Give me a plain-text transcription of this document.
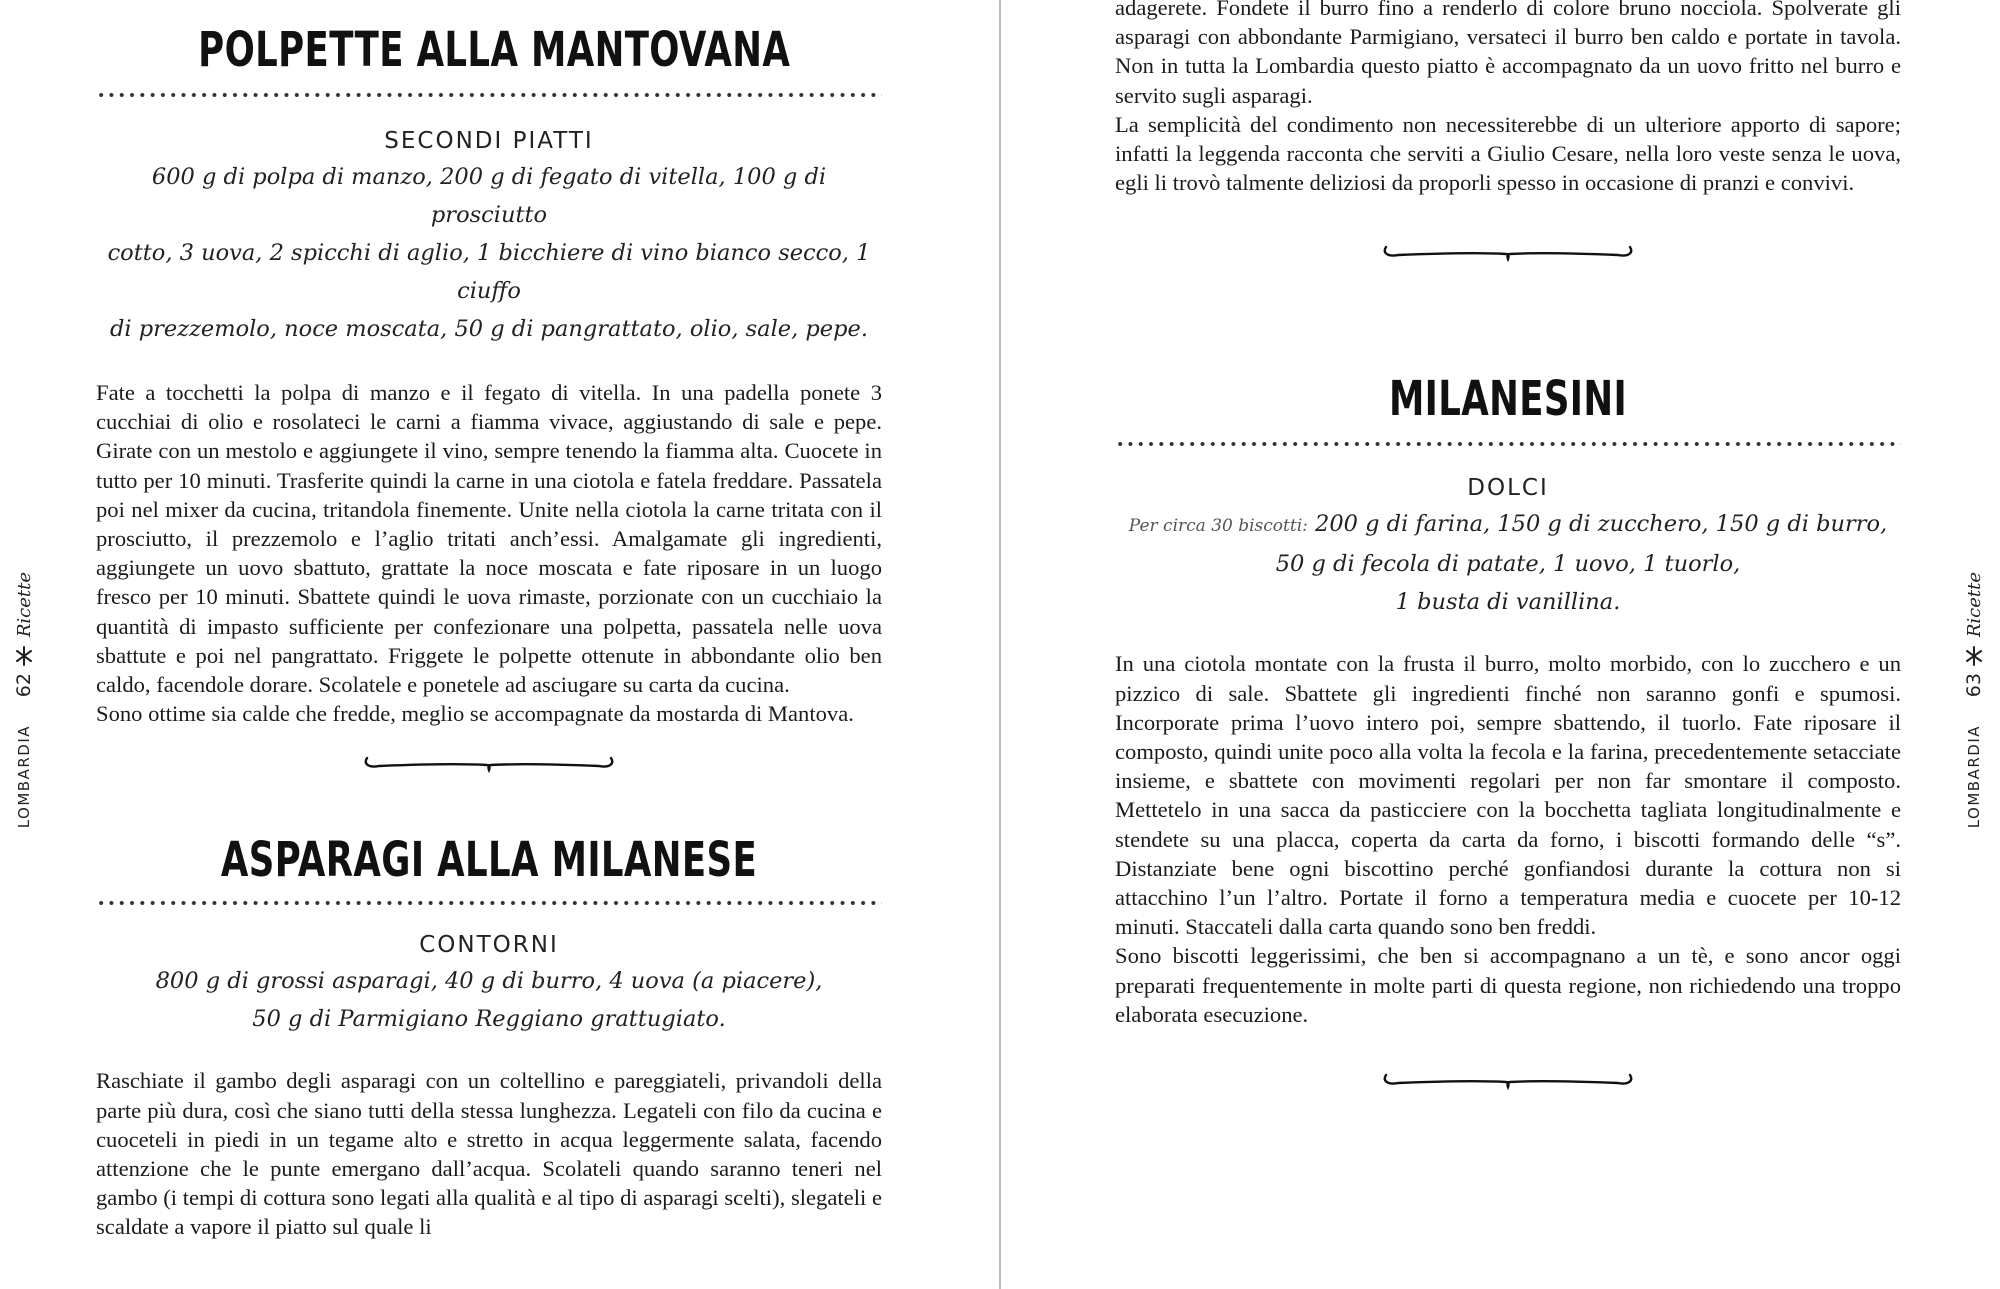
POLPETTE ALLA MANTOVANA
SECONDI PIATTI
600 g di polpa di manzo, 200 g di fegato di vitella, 100 g di prosciutto
cotto, 3 uova, 2 spicchi di aglio, 1 bicchiere di vino bianco secco, 1 ciuffo
di prezzemolo, noce moscata, 50 g di pangrattato, olio, sale, pepe.

Fate a tocchetti la polpa di manzo e il fegato di vitella. In una padella ponete 3 cucchiai di olio e rosolateci le carni a fiamma vivace, aggiustando di sale e pepe. Girate con un mestolo e aggiungete il vino, sempre tenendo la fiamma alta. Cuocete in tutto per 10 minuti. Trasferite quindi la carne in una ciotola e fatela freddare. Passatela poi nel mixer da cucina, tritandola finemente. Unite nella ciotola la carne tritata con il prosciutto, il prezzemolo e l’aglio tritati anch’essi. Amalgamate gli ingredienti, aggiungete un uovo sbattuto, grattate la noce moscata e fate riposare in un luogo fresco per 10 minuti. Sbattete quindi le uova rimaste, porzionate con un cucchiaio la quantità di impasto sufficiente per confezionare una polpetta, passatela nelle uova sbattute e poi nel pangrattato. Friggete le polpette ottenute in abbondante olio ben caldo, facendole dorare. Scolatele e ponetele ad asciugare su carta da cucina.

Sono ottime sia calde che fredde, meglio se accompagnate da mostarda di Mantova.

ASPARAGI ALLA MILANESE
CONTORNI
800 g di grossi asparagi, 40 g di burro, 4 uova (a piacere),
50 g di Parmigiano Reggiano grattugiato.

Raschiate il gambo degli asparagi con un coltellino e pareggiateli, privandoli della parte più dura, così che siano tutti della stessa lunghezza. Legateli con filo da cucina e cuoceteli in piedi in un tegame alto e stretto in acqua leggermente salata, facendo attenzione che le punte emergano dall’acqua. Scolateli quando saranno teneri nel gambo (i tempi di cottura sono legati alla qualità e al tipo di asparagi scelti), slegateli e scaldate a vapore il piatto sul quale li

Ricette
62
LOMBARDIA

adagerete. Fondete il burro fino a renderlo di colore bruno nocciola. Spolverate gli asparagi con abbondante Parmigiano, versateci il burro ben caldo e portate in tavola. Non in tutta la Lombardia questo piatto è accompagnato da un uovo fritto nel burro e servito sugli asparagi.

La semplicità del condimento non necessiterebbe di un ulteriore apporto di sapore; infatti la leggenda racconta che serviti a Giulio Cesare, nella loro veste senza le uova, egli li trovò talmente deliziosi da proporli spesso in occasione di pranzi e convivi.

MILANESINI
DOLCI
Per circa 30 biscotti: 200 g di farina, 150 g di zucchero, 150 g di burro,
50 g di fecola di patate, 1 uovo, 1 tuorlo,
1 busta di vanillina.

In una ciotola montate con la frusta il burro, molto morbido, con lo zucchero e un pizzico di sale. Sbattete gli ingredienti finché non saranno gonfi e spumosi. Incorporate prima l’uovo intero poi, sempre sbattendo, il tuorlo. Fate riposare il composto, quindi unite poco alla volta la fecola e la farina, precedentemente setacciate insieme, e sbattete con movimenti regolari per non far smontare il composto. Mettetelo in una sacca da pasticciere con la bocchetta tagliata longitudinalmente e stendete su una placca, coperta da carta da forno, i biscotti formando delle “s”. Distanziate bene ogni biscottino perché gonfiandosi durante la cottura non si attacchino l’un l’altro. Portate il forno a temperatura media e cuocete per 10-12 minuti. Staccateli dalla carta quando sono ben freddi.

Sono biscotti leggerissimi, che ben si accompagnano a un tè, e sono ancor oggi preparati frequentemente in molte parti di questa regione, non richiedendo una troppo elaborata esecuzione.

Ricette
63
LOMBARDIA
